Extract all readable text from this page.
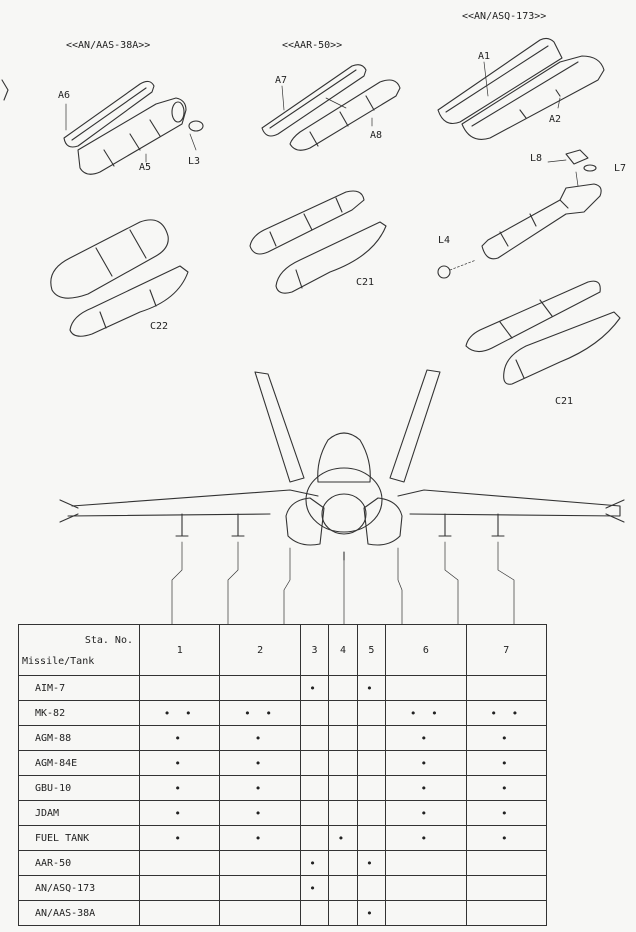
<<AN/AAS-38A>>	<<AAR-50>>
<<AN/ASQ-173>>
A6
A5
L3
A7
A8
A1
A2
L8
L7
L4
C22
C21
C21
Sta. No.
Missile/Tank	1	2	3	4	5	6	7
AIM-7			•		•		
MK-82	• •	• •				• •	• •
AGM-88	•	•				•	•
AGM-84E	•	•				•	•
GBU-10	•	•				•	•
JDAM	•	•				•	•
FUEL TANK	•	•		•		•	•
AAR-50			•		•		
AN/ASQ-173			•				
AN/AAS-38A					•		
